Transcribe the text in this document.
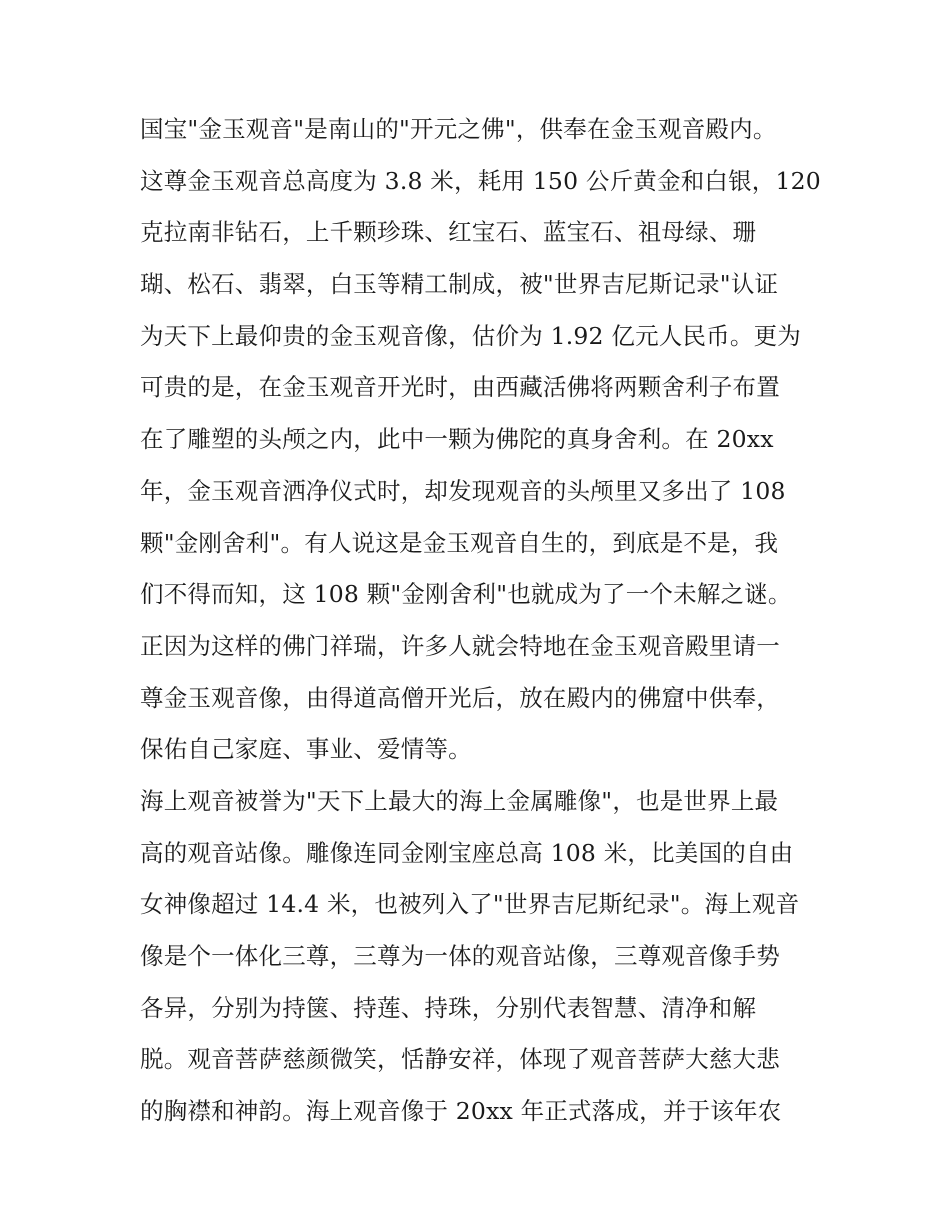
国宝"金玉观音"是南山的"开元之佛"，供奉在金玉观音殿内。
这尊金玉观音总高度为 3.8 米，耗用 150 公斤黄金和白银，120
克拉南非钻石，上千颗珍珠、红宝石、蓝宝石、祖母绿、珊
瑚、松石、翡翠，白玉等精工制成，被"世界吉尼斯记录"认证
为天下上最仰贵的金玉观音像，估价为 1.92 亿元人民币。更为
可贵的是，在金玉观音开光时，由西藏活佛将两颗舍利子布置
在了雕塑的头颅之内，此中一颗为佛陀的真身舍利。在 20xx
年，金玉观音洒净仪式时，却发现观音的头颅里又多出了 108
颗"金刚舍利"。有人说这是金玉观音自生的，到底是不是，我
们不得而知，这 108 颗"金刚舍利"也就成为了一个未解之谜。
正因为这样的佛门祥瑞，许多人就会特地在金玉观音殿里请一
尊金玉观音像，由得道高僧开光后，放在殿内的佛窟中供奉，
保佑自己家庭、事业、爱情等。
海上观音被誉为"天下上最大的海上金属雕像"，也是世界上最
高的观音站像。雕像连同金刚宝座总高 108 米，比美国的自由
女神像超过 14.4 米，也被列入了"世界吉尼斯纪录"。海上观音
像是个一体化三尊，三尊为一体的观音站像，三尊观音像手势
各异，分别为持箧、持莲、持珠，分别代表智慧、清净和解
脱。观音菩萨慈颜微笑，恬静安祥，体现了观音菩萨大慈大悲
的胸襟和神韵。海上观音像于 20xx 年正式落成，并于该年农
